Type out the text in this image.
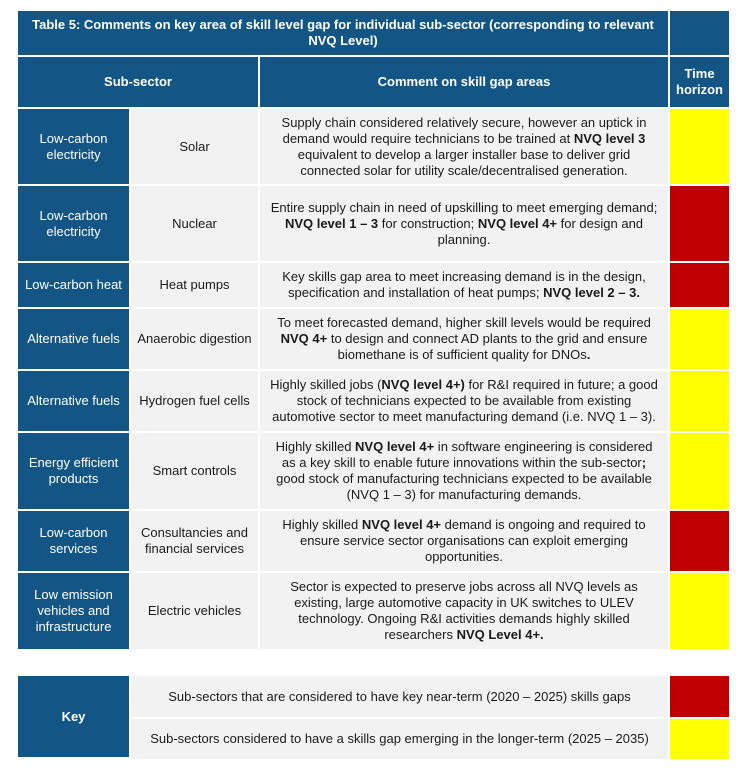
Table 5: Comments on key area of skill level gap for individual sub-sector (corresponding to relevant NVQ Level)			
Sub-sector		Comment on skill gap areas	Time horizon
Low-carbon electricity	Solar	Supply chain considered relatively secure, however an uptick in demand would require technicians to be trained at NVQ level 3 equivalent to develop a larger installer base to deliver grid connected solar for utility scale/decentralised generation.	
Low-carbon electricity	Nuclear	Entire supply chain in need of upskilling to meet emerging demand; NVQ level 1 – 3 for construction; NVQ level 4+ for design and planning.	
Low-carbon heat	Heat pumps	Key skills gap area to meet increasing demand is in the design, specification and installation of heat pumps; NVQ level 2 – 3.	
Alternative fuels	Anaerobic digestion	To meet forecasted demand, higher skill levels would be required NVQ 4+ to design and connect AD plants to the grid and ensure biomethane is of sufficient quality for DNOs.	
Alternative fuels	Hydrogen fuel cells	Highly skilled jobs (NVQ level 4+) for R&I required in future; a good stock of technicians expected to be available from existing automotive sector to meet manufacturing demand (i.e. NVQ 1 – 3).	
Energy efficient products	Smart controls	Highly skilled NVQ level 4+ in software engineering is considered as a key skill to enable future innovations within the sub-sector; good stock of manufacturing technicians expected to be available (NVQ 1 – 3) for manufacturing demands.	
Low-carbon services	Consultancies and financial services	Highly skilled NVQ level 4+ demand is ongoing and required to ensure service sector organisations can exploit emerging opportunities.	
Low emission vehicles and infrastructure	Electric vehicles	Sector is expected to preserve jobs across all NVQ levels as existing, large automotive capacity in UK switches to ULEV technology. Ongoing R&I activities demands highly skilled researchers NVQ Level 4+.	
Key	Sub-sectors that are considered to have key near-term (2020 – 2025) skills gaps	
	Sub-sectors considered to have a skills gap emerging in the longer-term (2025 – 2035)	
